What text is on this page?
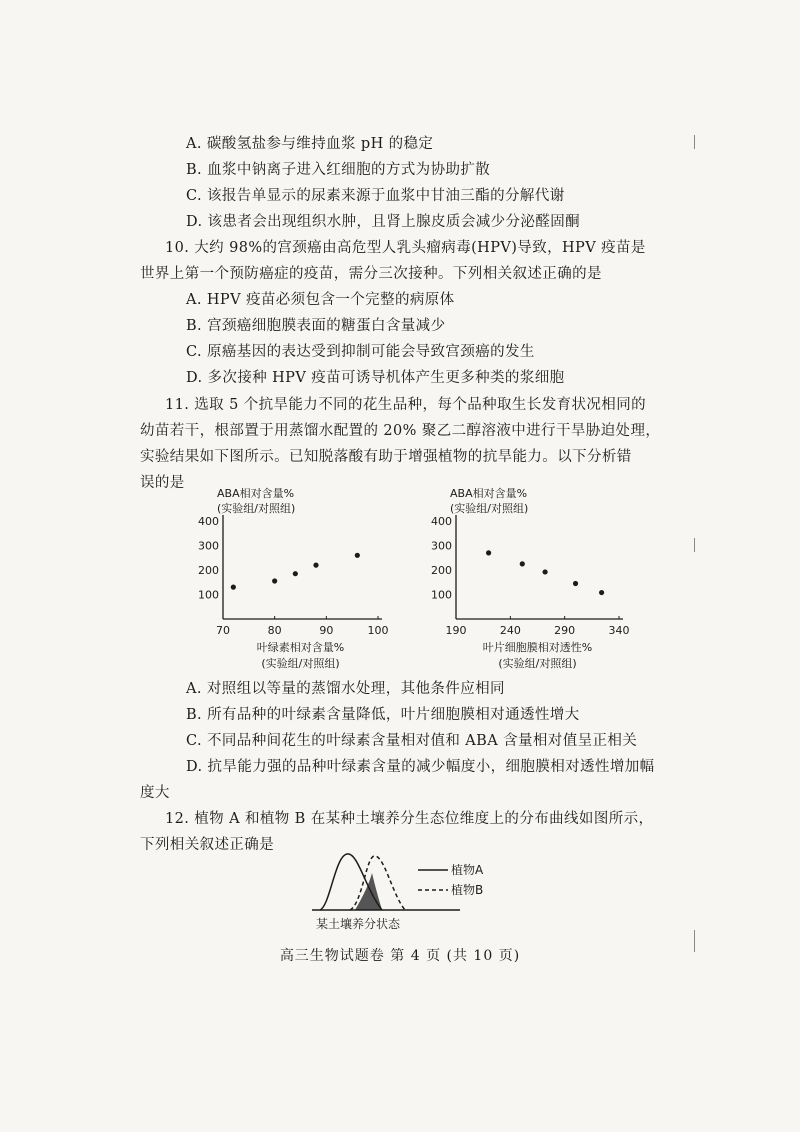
A. 碳酸氢盐参与维持血浆 pH 的稳定
B. 血浆中钠离子进入红细胞的方式为协助扩散
C. 该报告单显示的尿素来源于血浆中甘油三酯的分解代谢
D. 该患者会出现组织水肿，且肾上腺皮质会减少分泌醛固酮
10. 大约 98%的宫颈癌由高危型人乳头瘤病毒(HPV)导致，HPV 疫苗是
世界上第一个预防癌症的疫苗，需分三次接种。下列相关叙述正确的是
A. HPV 疫苗必须包含一个完整的病原体
B. 宫颈癌细胞膜表面的糖蛋白含量减少
C. 原癌基因的表达受到抑制可能会导致宫颈癌的发生
D. 多次接种 HPV 疫苗可诱导机体产生更多种类的浆细胞
11. 选取 5 个抗旱能力不同的花生品种，每个品种取生长发育状况相同的
幼苗若干，根部置于用蒸馏水配置的 20% 聚乙二醇溶液中进行干旱胁迫处理，
实验结果如下图所示。已知脱落酸有助于增强植物的抗旱能力。以下分析错
误的是
ABA相对含量%
(实验组/对照组)
100
200
300
400
70	80	90	100
叶绿素相对含量%
(实验组/对照组)
ABA相对含量%
(实验组/对照组)
100
200
300
400
190	240	290	340
叶片细胞膜相对透性%
(实验组/对照组)
A. 对照组以等量的蒸馏水处理，其他条件应相同
B. 所有品种的叶绿素含量降低，叶片细胞膜相对通透性增大
C. 不同品种间花生的叶绿素含量相对值和 ABA 含量相对值呈正相关
D. 抗旱能力强的品种叶绿素含量的减少幅度小，细胞膜相对透性增加幅
度大
12. 植物 A 和植物 B 在某种土壤养分生态位维度上的分布曲线如图所示，
下列相关叙述正确是
植物A
植物B
某土壤养分状态
高三生物试题卷 第 4 页 (共 10 页)
